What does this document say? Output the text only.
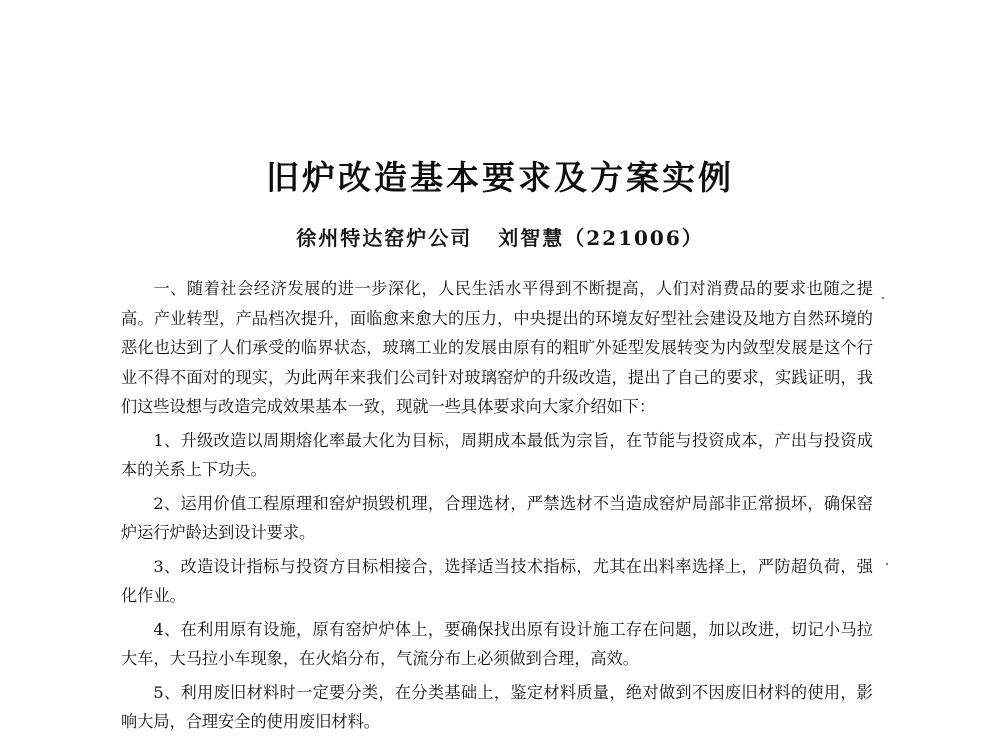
旧炉改造基本要求及方案实例
徐州特达窑炉公司 刘智慧（221006）

一、随着社会经济发展的进一步深化，人民生活水平得到不断提高，人们对消费品的要求也随之提高。产业转型，产品档次提升，面临愈来愈大的压力，中央提出的环境友好型社会建设及地方自然环境的恶化也达到了人们承受的临界状态，玻璃工业的发展由原有的粗旷外延型发展转变为内敛型发展是这个行业不得不面对的现实，为此两年来我们公司针对玻璃窑炉的升级改造，提出了自己的要求，实践证明，我们这些设想与改造完成效果基本一致，现就一些具体要求向大家介绍如下：

1、升级改造以周期熔化率最大化为目标，周期成本最低为宗旨，在节能与投资成本，产出与投资成本的关系上下功夫。

2、运用价值工程原理和窑炉损毁机理，合理选材，严禁选材不当造成窑炉局部非正常损坏，确保窑炉运行炉龄达到设计要求。

3、改造设计指标与投资方目标相接合，选择适当技术指标，尤其在出料率选择上，严防超负荷，强化作业。

4、在利用原有设施，原有窑炉炉体上，要确保找出原有设计施工存在问题，加以改进，切记小马拉大车，大马拉小车现象，在火焰分布，气流分布上必须做到合理，高效。

5、利用废旧材料时一定要分类，在分类基础上，鉴定材料质量，绝对做到不因废旧材料的使用，影响大局，合理安全的使用废旧材料。
